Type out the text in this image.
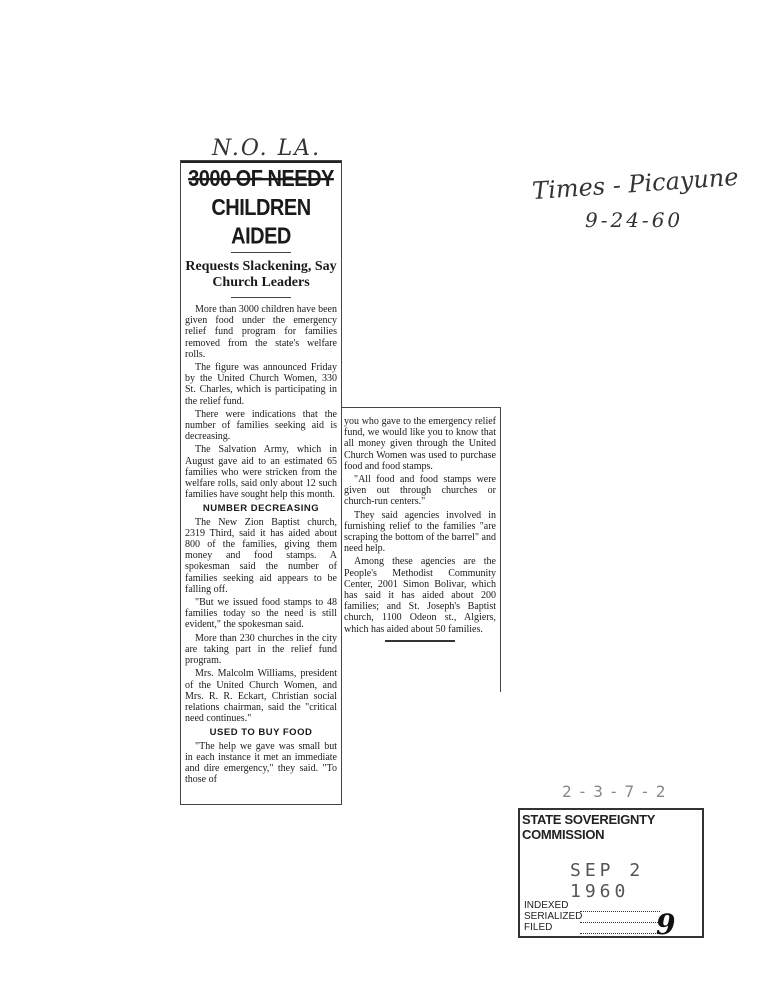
N.O. LA.
Times - Picayune
9-24-60
3000 OF NEEDY
CHILDREN AIDED
Requests Slackening, Say Church Leaders

More than 3000 children have been given food under the emergency relief fund program for families removed from the state's welfare rolls.

The figure was announced Friday by the United Church Women, 330 St. Charles, which is participating in the relief fund.

There were indications that the number of families seeking aid is decreasing.

The Salvation Army, which in August gave aid to an estimated 65 families who were stricken from the welfare rolls, said only about 12 such families have sought help this month.

NUMBER DECREASING

The New Zion Baptist church, 2319 Third, said it has aided about 800 of the families, giving them money and food stamps. A spokesman said the number of families seeking aid appears to be falling off.

"But we issued food stamps to 48 families today so the need is still evident," the spokesman said.

More than 230 churches in the city are taking part in the relief fund program.

Mrs. Malcolm Williams, president of the United Church Women, and Mrs. R. R. Eckart, Christian social relations chairman, said the "critical need continues."

USED TO BUY FOOD

"The help we gave was small but in each instance it met an immediate and dire emergency," they said. "To those of

you who gave to the emergency relief fund, we would like you to know that all money given through the United Church Women was used to purchase food and food stamps.

"All food and food stamps were given out through churches or church-run centers."

They said agencies involved in furnishing relief to the families "are scraping the bottom of the barrel" and need help.

Among these agencies are the People's Methodist Community Center, 2001 Simon Bolivar, which has said it has aided about 200 families; and St. Joseph's Baptist church, 1100 Odeon st., Algiers, which has aided about 50 families.

2-3-7-2
STATE SOVEREIGNTY COMMISSION
SEP 2 1960
INDEXED
SERIALIZED
FILED	9
